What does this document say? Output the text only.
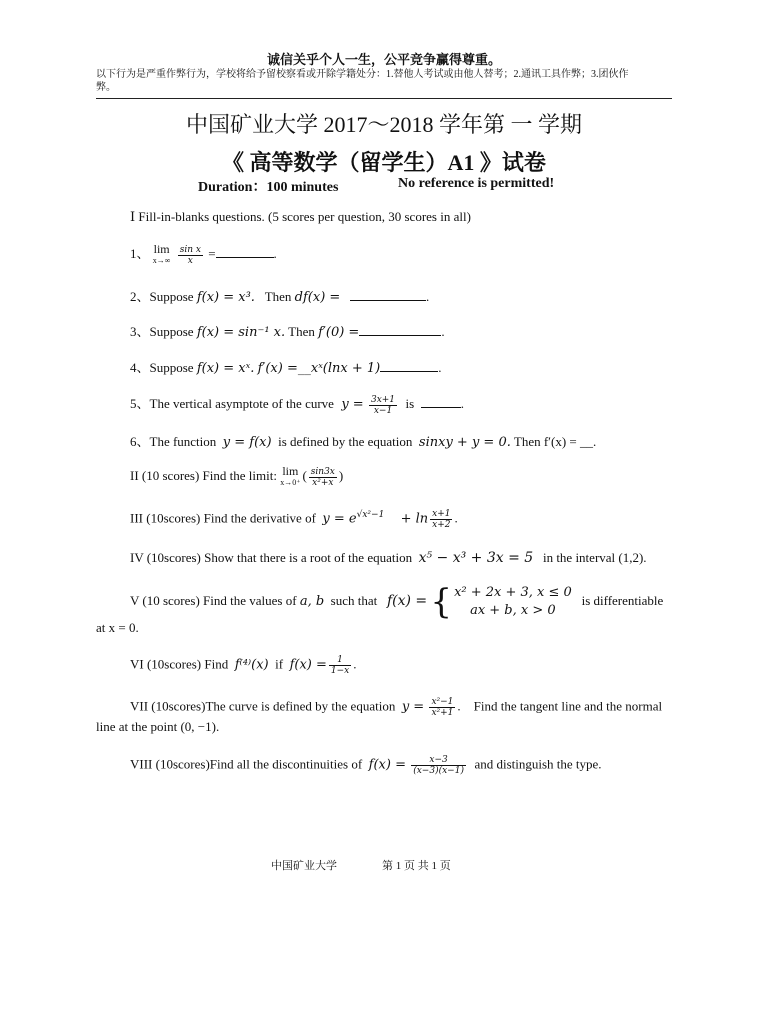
诚信关乎个人一生，公平竞争赢得尊重。
以下行为是严重作弊行为，学校将给予留校察看或开除学籍处分：1.替他人考试或由他人替考；2.通讯工具作弊；3.团伙作
弊。
中国矿业大学 2017～2018 学年第 一 学期
《 高等数学（留学生）A1 》试卷
Duration：100 minutes	No reference is permitted!
Ⅰ Fill-in-blanks questions. (5 scores per question, 30 scores in all)
1、 lim
x→∞
$\frac{\text{sin x}}{x}$ =	.
2、Suppose f(x) = x³. Then df(x) =	.
3、Suppose f(x) = sin⁻¹ x. Then f′(0) =	.
4、Suppose f(x) = xˣ. f′(x) =__xˣ(lnx + 1)	.
5、The vertical asymptote of the curve  $y = \frac{3x+1}{x-1}$ is	.
6、The function y = f(x) is defined by the equation sinxy + y = 0. Then f′(x) = __.
II (10 scores) Find the limit: lim
x→0⁺ ( $\frac{\sin 3x}{\text{x²+x}}$ )
III (10scores) Find the derivative of $y = e^{√x^2-1} + \ln \frac{x+1}{x+2}$ .
IV (10scores) Show that there is a root of the equation x⁵ − x³ + 3x = 5 in the interval (1,2).
V (10 scores) Find the values of a, b such that f(x) = { x² + 2x + 3, x ≤ 0
ax + b, x > 0
is differentiable
at x = 0.
VI (10scores) Find f⁽⁴⁾(x) if $f(x) = \frac{1}{1-x}$ .
VII (10scores)The curve is defined by the equation $y = \frac{\text{x²−1}}{\text{x²+1}}$ . Find the tangent line and the normal
line at the point (0, −1).
VIII (10scores)Find all the discontinuities of $f(x) = \frac{x-3}{(x-3)(x-1)}$ and distinguish the type.
中国矿业大学	第 1 页 共 1 页
